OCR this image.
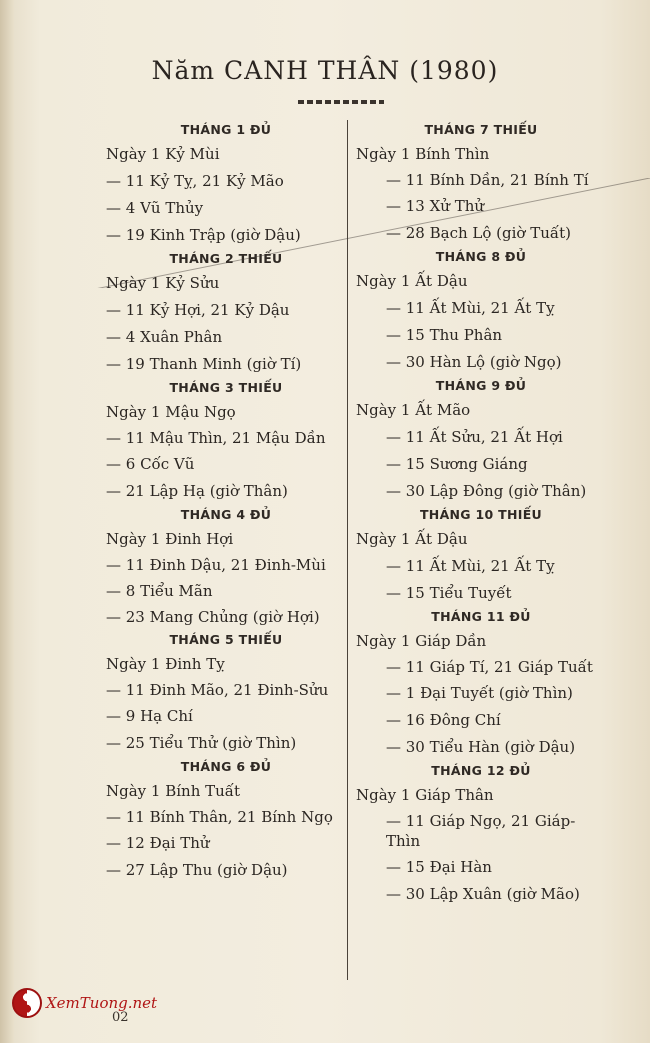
Năm CANH THÂN (1980)
THÁNG 1 ĐỦ
Ngày 1 Kỷ Mùi
— 11 Kỷ Tỵ, 21 Kỷ Mão
— 4 Vũ Thủy
— 19 Kinh Trập (giờ Dậu)
THÁNG 2 THIẾU
Ngày 1 Kỷ Sửu
— 11 Kỷ Hợi, 21 Kỷ Dậu
— 4 Xuân Phân
— 19 Thanh Minh (giờ Tí)
THÁNG 3 THIẾU
Ngày 1 Mậu Ngọ
— 11 Mậu Thìn, 21 Mậu Dần
— 6 Cốc Vũ
— 21 Lập Hạ (giờ Thân)
THÁNG 4 ĐỦ
Ngày 1 Đinh Hợi
— 11 Đinh Dậu, 21 Đinh-Mùi
— 8 Tiểu Mãn
— 23 Mang Chủng (giờ Hợi)
THÁNG 5 THIẾU
Ngày 1 Đinh Tỵ
— 11 Đinh Mão, 21 Đinh-Sửu
— 9 Hạ Chí
— 25 Tiểu Thử (giờ Thìn)
THÁNG 6 ĐỦ
Ngày 1 Bính Tuất
— 11 Bính Thân, 21 Bính Ngọ
— 12 Đại Thử
— 27 Lập Thu (giờ Dậu)
THÁNG 7 THIẾU
Ngày 1 Bính Thìn
— 11 Bính Dần, 21 Bính Tí
— 13 Xử Thử
— 28 Bạch Lộ (giờ Tuất)
THÁNG 8 ĐỦ
Ngày 1 Ất Dậu
— 11 Ất Mùi, 21 Ất Tỵ
— 15 Thu Phân
— 30 Hàn Lộ (giờ Ngọ)
THÁNG 9 ĐỦ
Ngày 1 Ất Mão
— 11 Ất Sửu, 21 Ất Hợi
— 15 Sương Giáng
— 30 Lập Đông (giờ Thân)
THÁNG 10 THIẾU
Ngày 1 Ất Dậu
— 11 Ất Mùi, 21 Ất Tỵ
— 15 Tiểu Tuyết
THÁNG 11 ĐỦ
Ngày 1 Giáp Dần
— 11 Giáp Tí, 21 Giáp Tuất
— 1 Đại Tuyết (giờ Thìn)
— 16 Đông Chí
— 30 Tiểu Hàn (giờ Dậu)
THÁNG 12 ĐỦ
Ngày 1 Giáp Thân
— 11 Giáp Ngọ, 21 Giáp-Thìn
— 15 Đại Hàn
— 30 Lập Xuân (giờ Mão)
XemTuong.net
02
